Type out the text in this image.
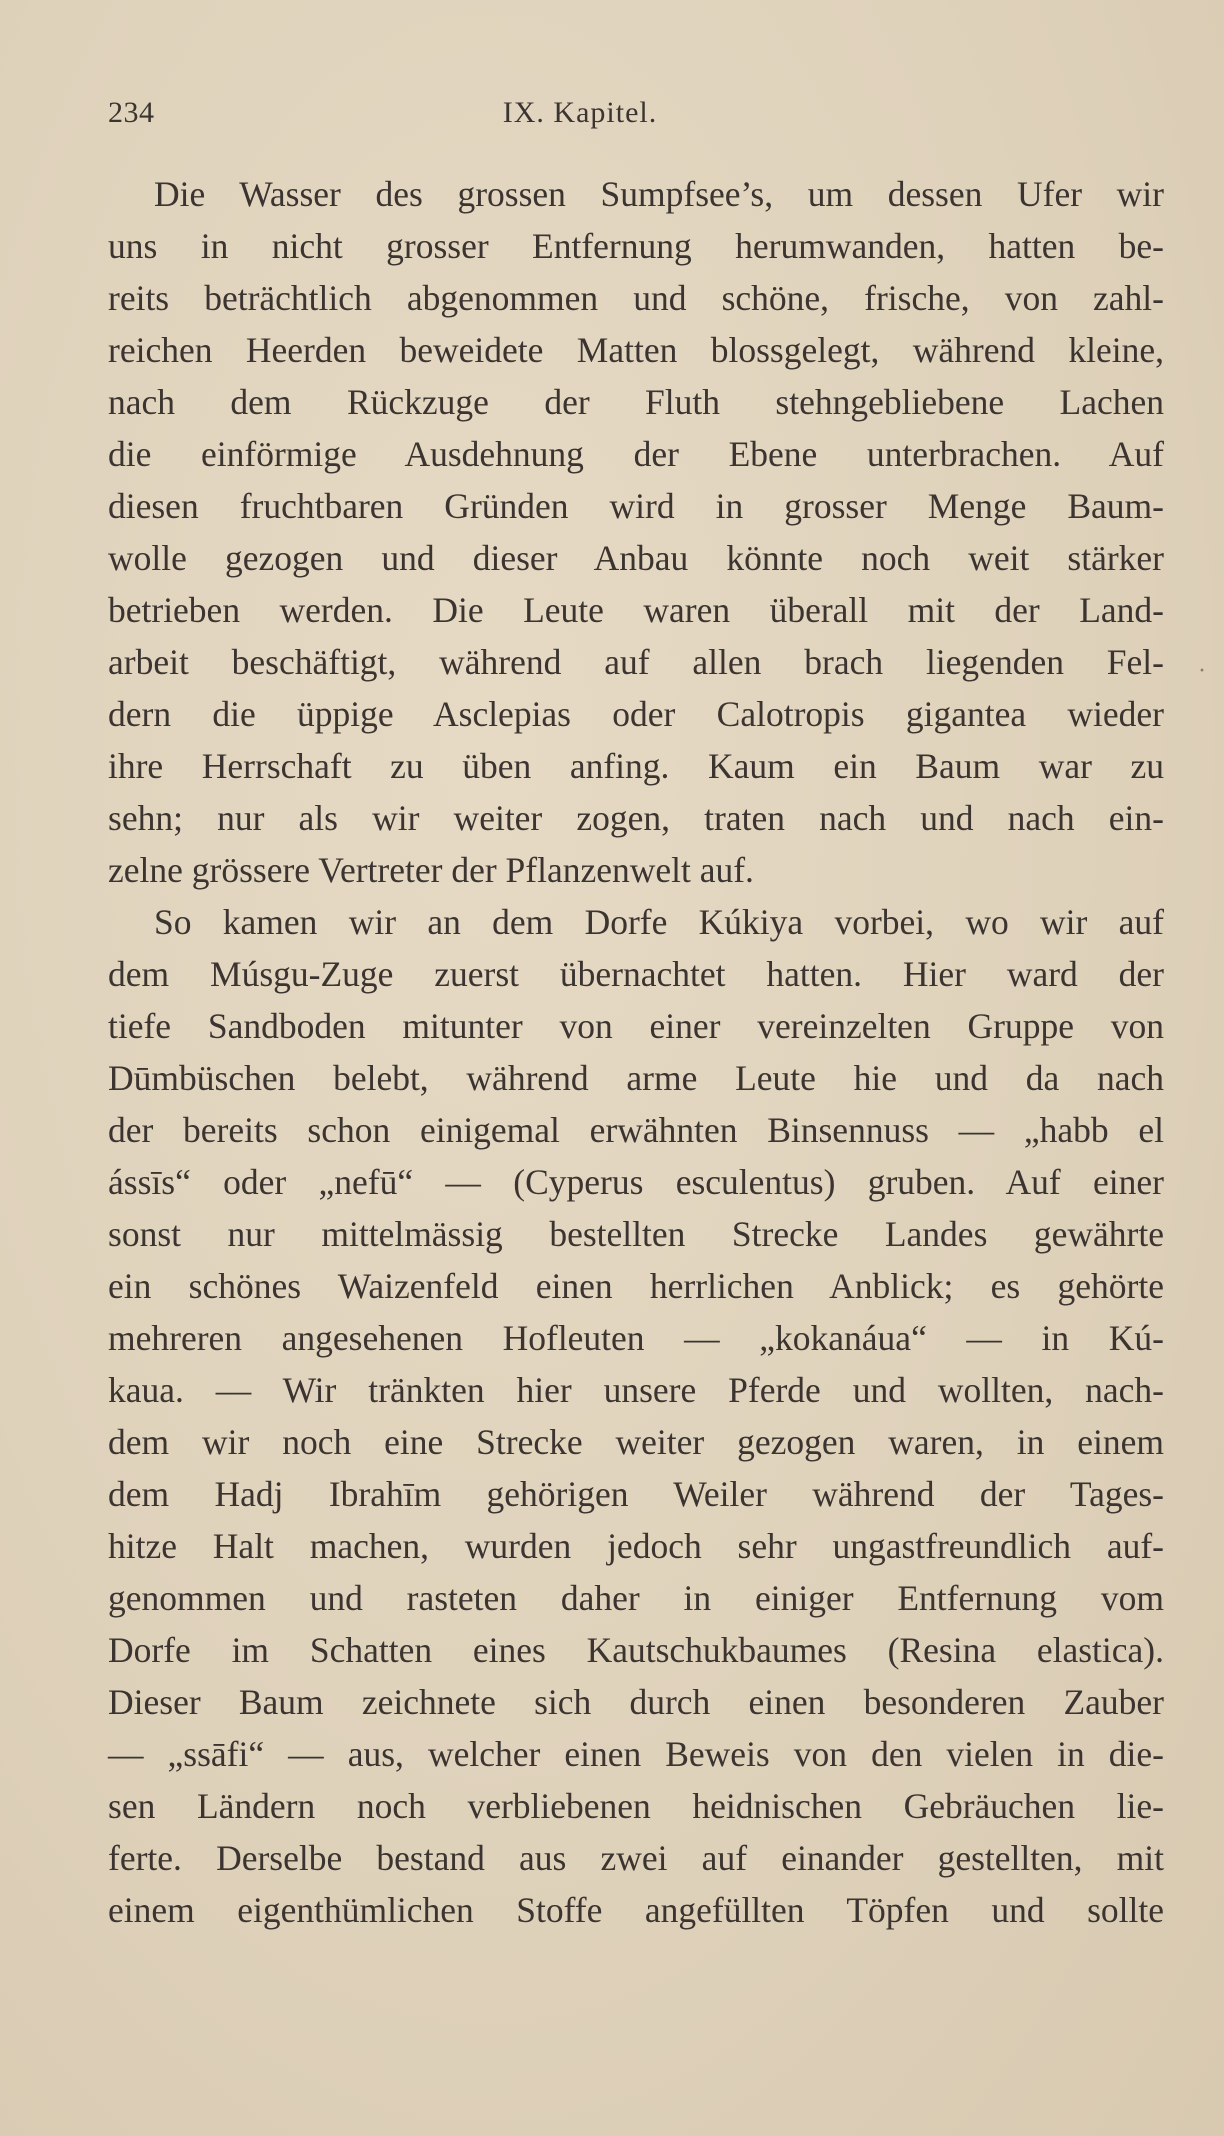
234	IX. Kapitel.
Die Wasser des grossen Sumpfsee’s, um dessen Ufer wir
uns in nicht grosser Entfernung herumwanden, hatten be-
reits beträchtlich abgenommen und schöne, frische, von zahl-
reichen Heerden beweidete Matten blossgelegt, während kleine,
nach dem Rückzuge der Fluth stehngebliebene Lachen
die einförmige Ausdehnung der Ebene unterbrachen. Auf
diesen fruchtbaren Gründen wird in grosser Menge Baum-
wolle gezogen und dieser Anbau könnte noch weit stärker
betrieben werden. Die Leute waren überall mit der Land-
arbeit beschäftigt, während auf allen brach liegenden Fel-
dern die üppige Asclepias oder Calotropis gigantea wieder
ihre Herrschaft zu üben anfing. Kaum ein Baum war zu
sehn; nur als wir weiter zogen, traten nach und nach ein-
zelne grössere Vertreter der Pflanzenwelt auf.
So kamen wir an dem Dorfe Kúkiya vorbei, wo wir auf
dem Músgu-Zuge zuerst übernachtet hatten. Hier ward der
tiefe Sandboden mitunter von einer vereinzelten Gruppe von
Dūmbüschen belebt, während arme Leute hie und da nach
der bereits schon einigemal erwähnten Binsennuss — „habb el
ássīs“ oder „nefū“ — (Cyperus esculentus) gruben. Auf einer
sonst nur mittelmässig bestellten Strecke Landes gewährte
ein schönes Waizenfeld einen herrlichen Anblick; es gehörte
mehreren angesehenen Hofleuten — „kokanáua“ — in Kú-
kaua. — Wir tränkten hier unsere Pferde und wollten, nach-
dem wir noch eine Strecke weiter gezogen waren, in einem
dem Hadj Ibrahīm gehörigen Weiler während der Tages-
hitze Halt machen, wurden jedoch sehr ungastfreundlich auf-
genommen und rasteten daher in einiger Entfernung vom
Dorfe im Schatten eines Kautschukbaumes (Resina elastica).
Dieser Baum zeichnete sich durch einen besonderen Zauber
— „ssāfi“ — aus, welcher einen Beweis von den vielen in die-
sen Ländern noch verbliebenen heidnischen Gebräuchen lie-
ferte. Derselbe bestand aus zwei auf einander gestellten, mit
einem eigenthümlichen Stoffe angefüllten Töpfen und sollte
·
